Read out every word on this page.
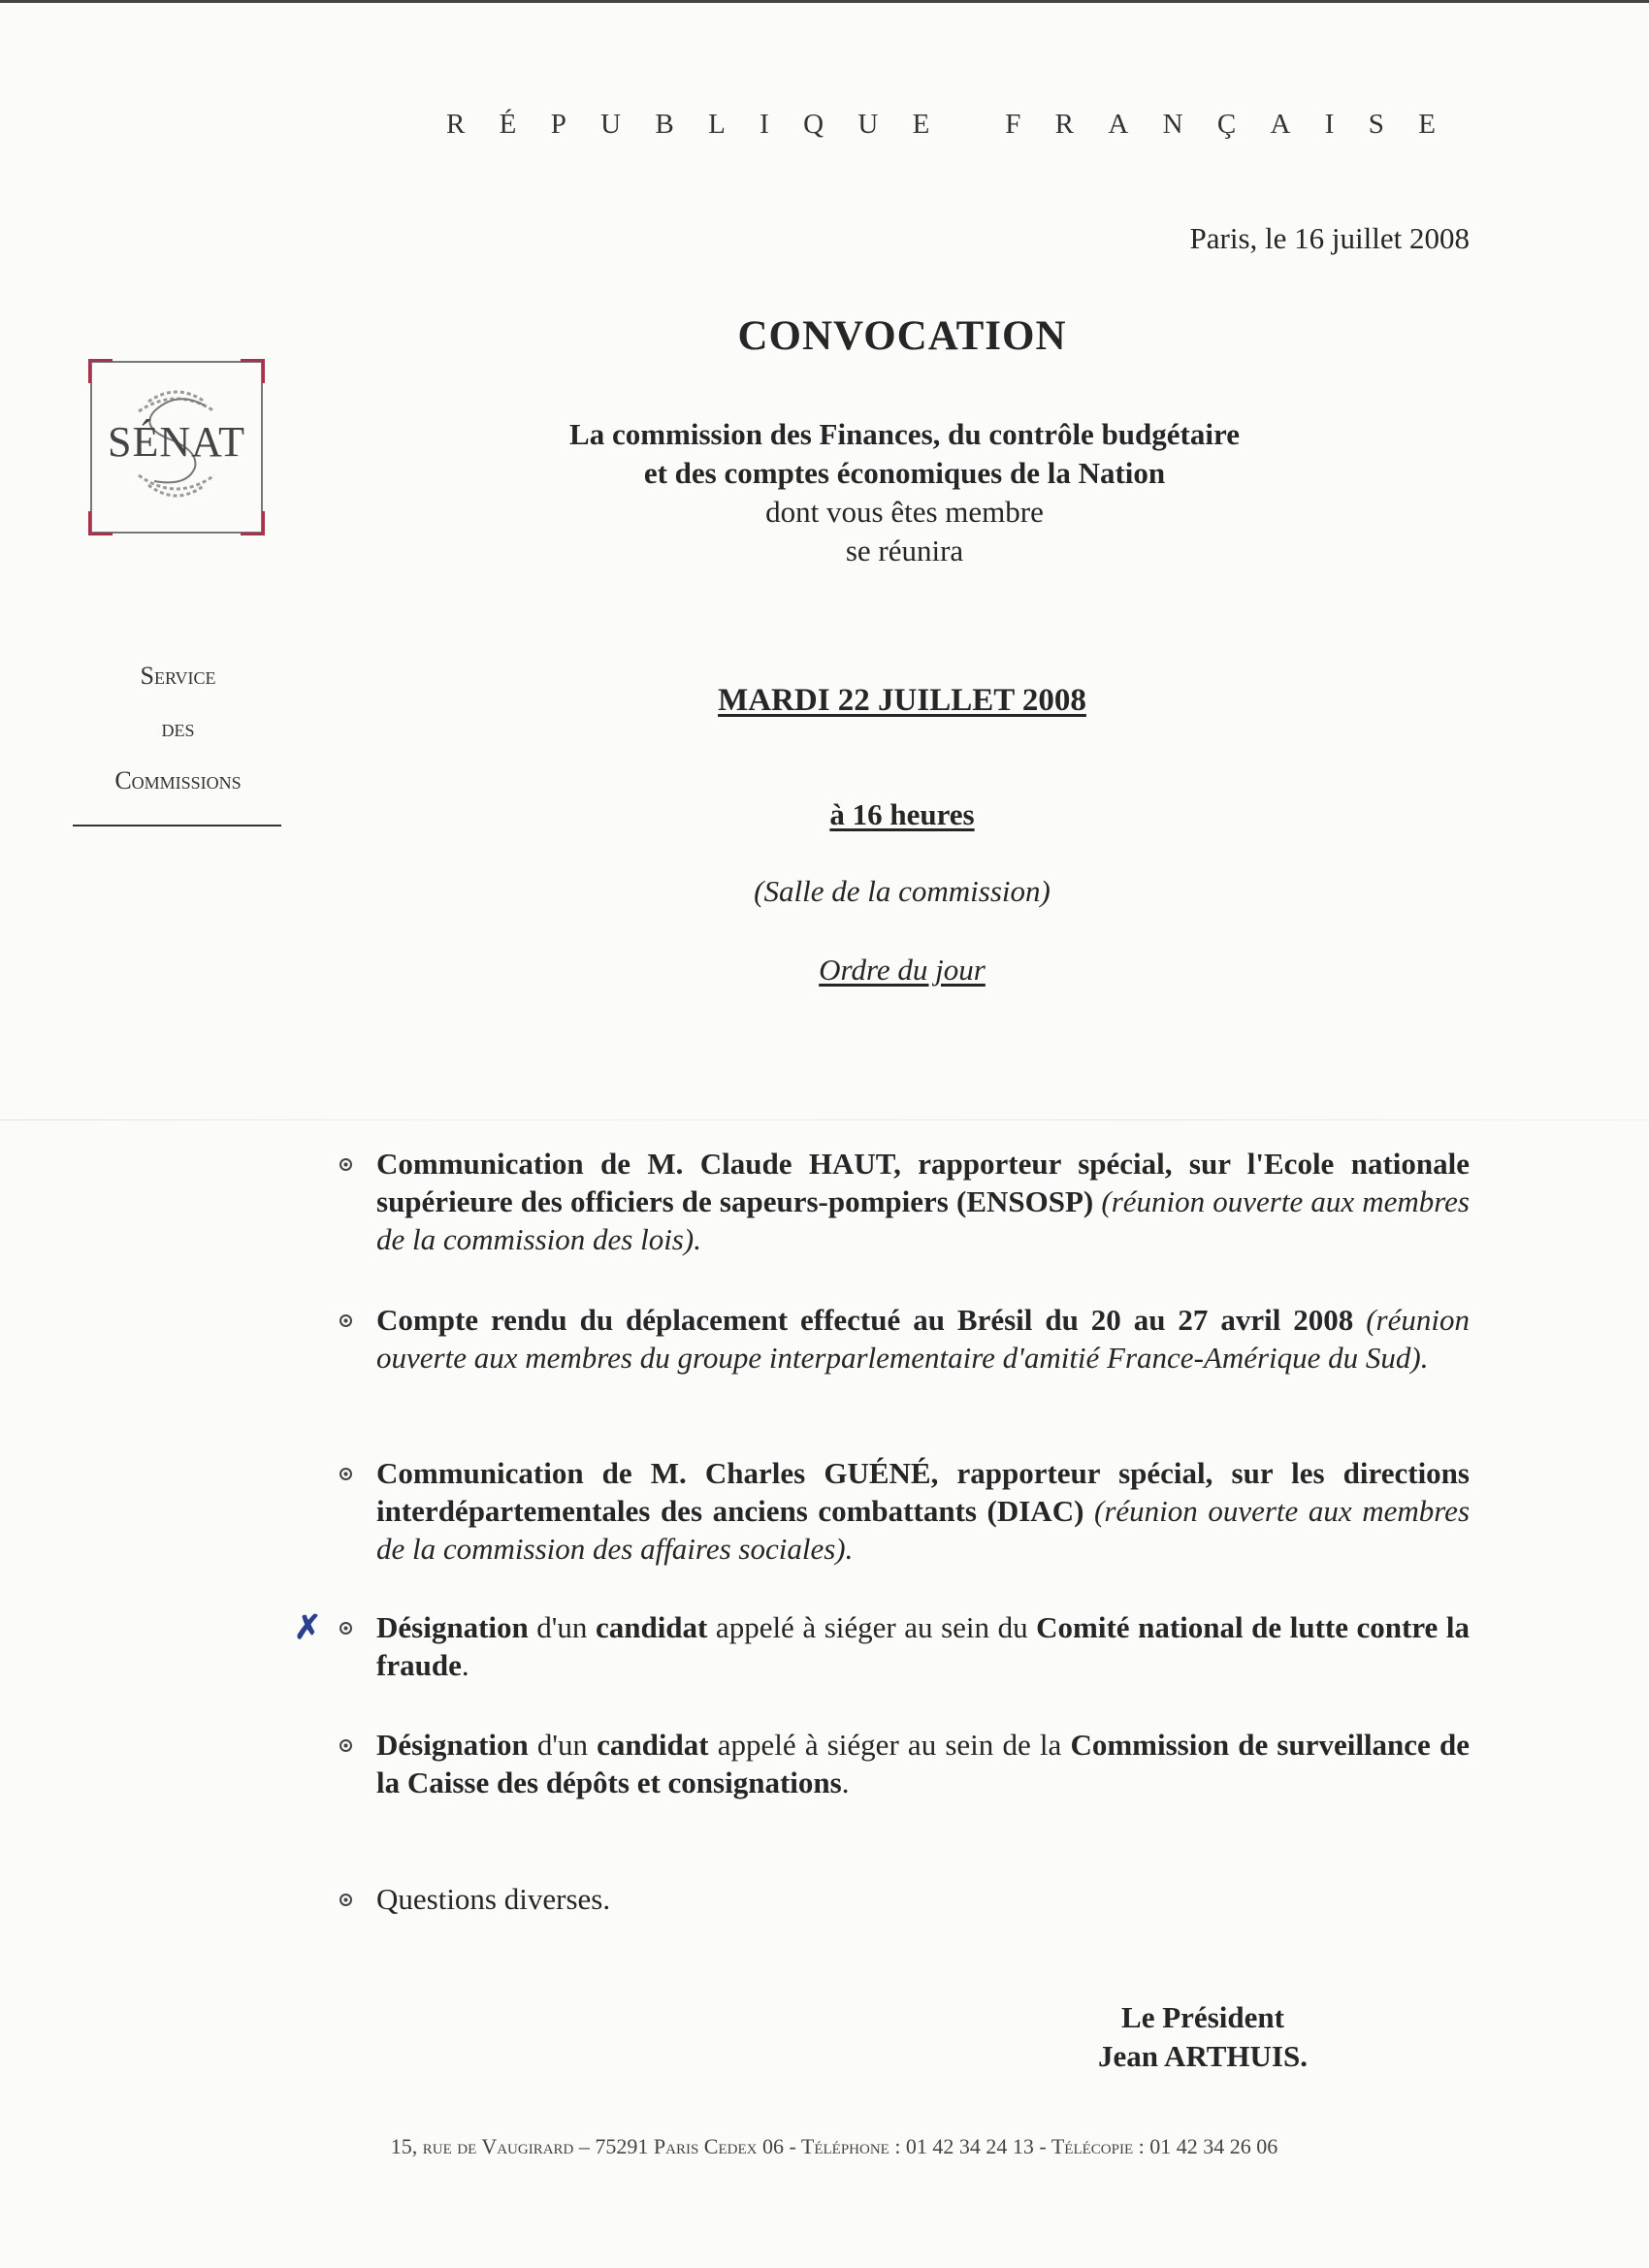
R É P U B L I Q U E
	F R A N Ç A I S E
Paris, le 16 juillet 2008
SÉNAT
CONVOCATION
La commission des Finances, du contrôle budgétaire
et des comptes économiques de la Nation
dont vous êtes membre
se réunira
Service
des
Commissions
MARDI 22 JUILLET 2008
à 16 heures
(Salle de la commission)
Ordre du jour
Communication de M. Claude HAUT, rapporteur spécial, sur l'Ecole nationale supérieure des officiers de sapeurs-pompiers (ENSOSP) (réunion ouverte aux membres de la commission des lois).
Compte rendu du déplacement effectué au Brésil du 20 au 27 avril 2008 (réunion ouverte aux membres du groupe interparlementaire d'amitié France-Amérique du Sud).
Communication de M. Charles GUÉNÉ, rapporteur spécial, sur les directions interdépartementales des anciens combattants (DIAC) (réunion ouverte aux membres de la commission des affaires sociales).
✗ Désignation d'un candidat appelé à siéger au sein du Comité national de lutte contre la fraude.
Désignation d'un candidat appelé à siéger au sein de la Commission de surveillance de la Caisse des dépôts et consignations.
Questions diverses.
Le Président
Jean ARTHUIS.
15, rue de Vaugirard – 75291 Paris Cedex 06 - Téléphone : 01 42 34 24 13 - Télécopie : 01 42 34 26 06
